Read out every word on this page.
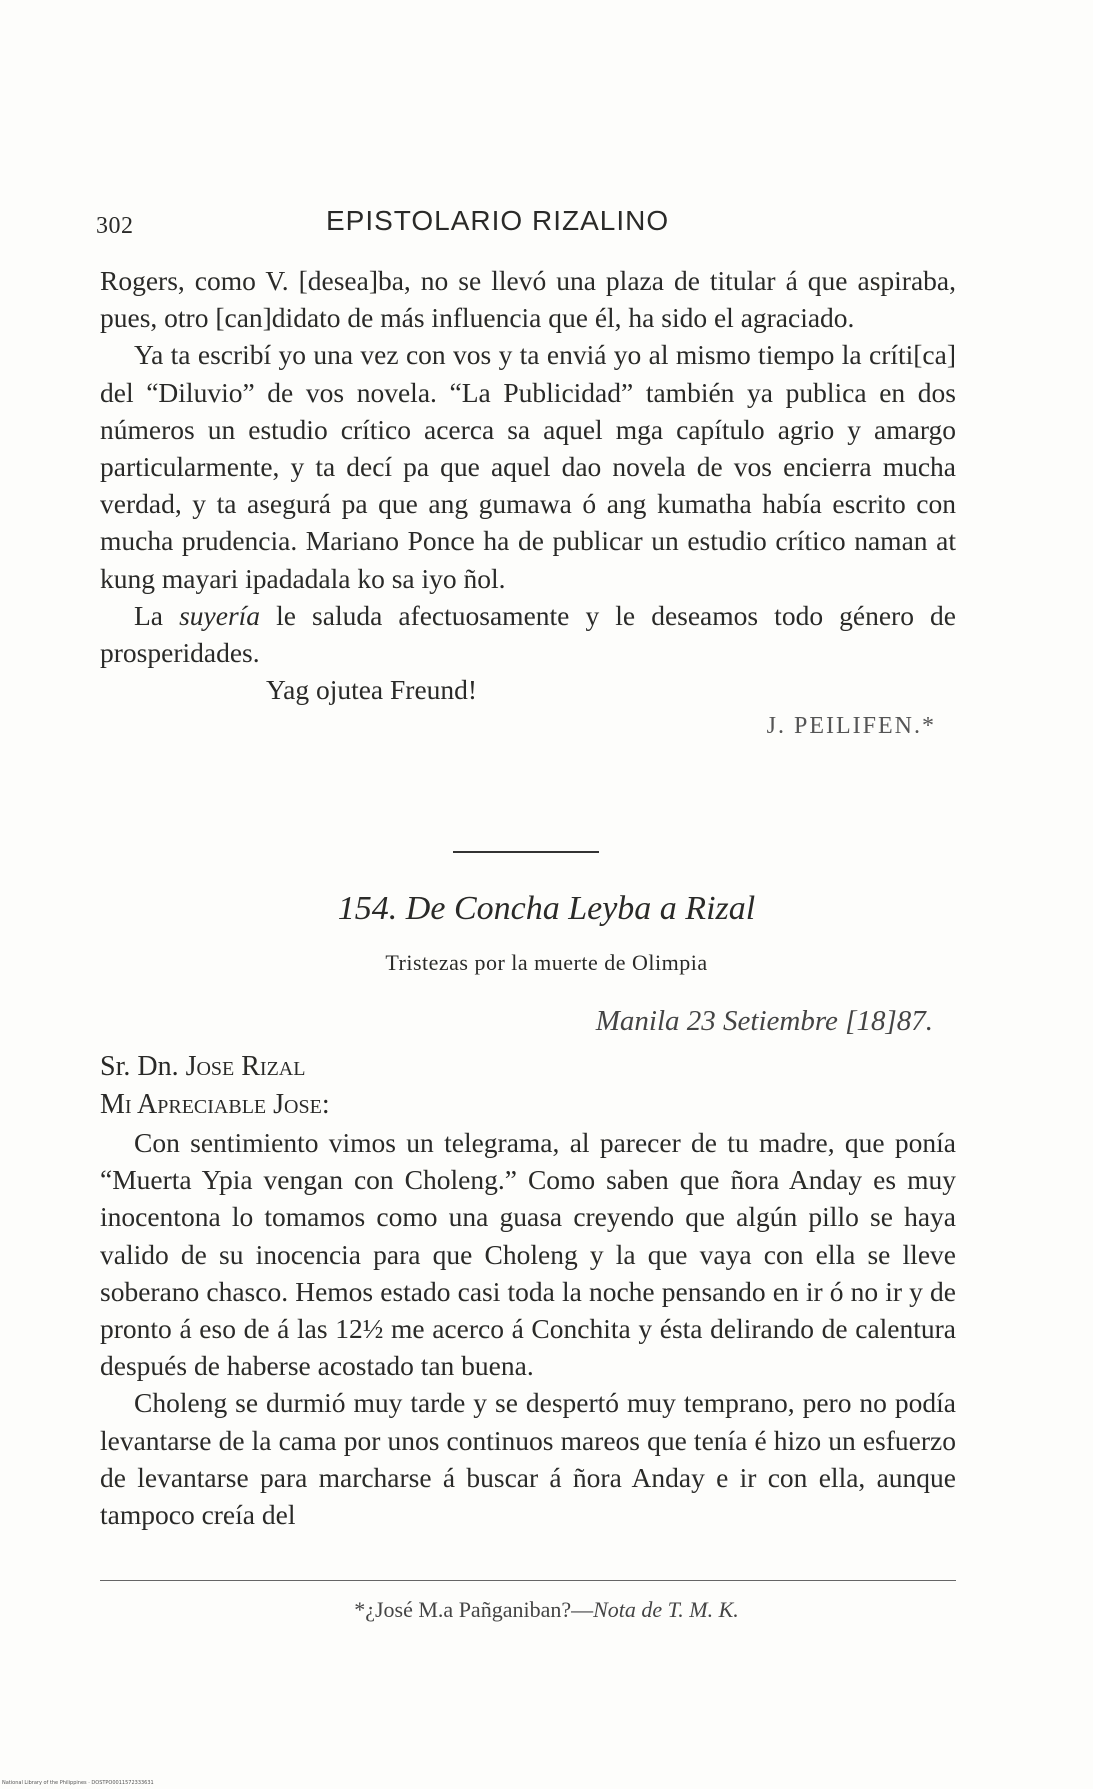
302	EPISTOLARIO RIZALINO

Rogers, como V. [desea]ba, no se llevó una plaza de titular á que aspiraba, pues, otro [can]didato de más influencia que él, ha sido el agraciado.

Ya ta escribí yo una vez con vos y ta enviá yo al mismo tiempo la críti[ca] del “Diluvio” de vos novela. “La Publicidad” también ya publica en dos números un estudio crítico acerca sa aquel mga capítulo agrio y amargo particularmente, y ta decí pa que aquel dao novela de vos encierra mucha verdad, y ta asegurá pa que ang gumawa ó ang kumatha había escrito con mucha prudencia. Mariano Ponce ha de publicar un estudio crítico naman at kung mayari ipadadala ko sa iyo ñol.

La suyería le saluda afectuosamente y le deseamos todo género de prosperidades.

Yag ojutea Freund!

J. PEILIFEN.*

154. De Concha Leyba a Rizal
Tristezas por la muerte de Olimpia
Manila 23 Setiembre [18]87.
Sr. Dn. Jose Rizal
Mi Apreciable Jose:

Con sentimiento vimos un telegrama, al parecer de tu madre, que ponía “Muerta Ypia vengan con Choleng.” Como saben que ñora Anday es muy inocentona lo tomamos como una guasa creyendo que algún pillo se haya valido de su inocencia para que Choleng y la que vaya con ella se lleve soberano chasco. Hemos estado casi toda la noche pensando en ir ó no ir y de pronto á eso de á las 12½ me acerco á Conchita y ésta delirando de calentura después de haberse acostado tan buena.

Choleng se durmió muy tarde y se despertó muy temprano, pero no podía levantarse de la cama por unos continuos mareos que tenía é hizo un esfuerzo de levantarse para marcharse á buscar á ñora Anday e ir con ella, aunque tampoco creía del

*¿José M.a Pañganiban?—Nota de T. M. K.
National Library of the Philippines · DOSTPO0011572333631
